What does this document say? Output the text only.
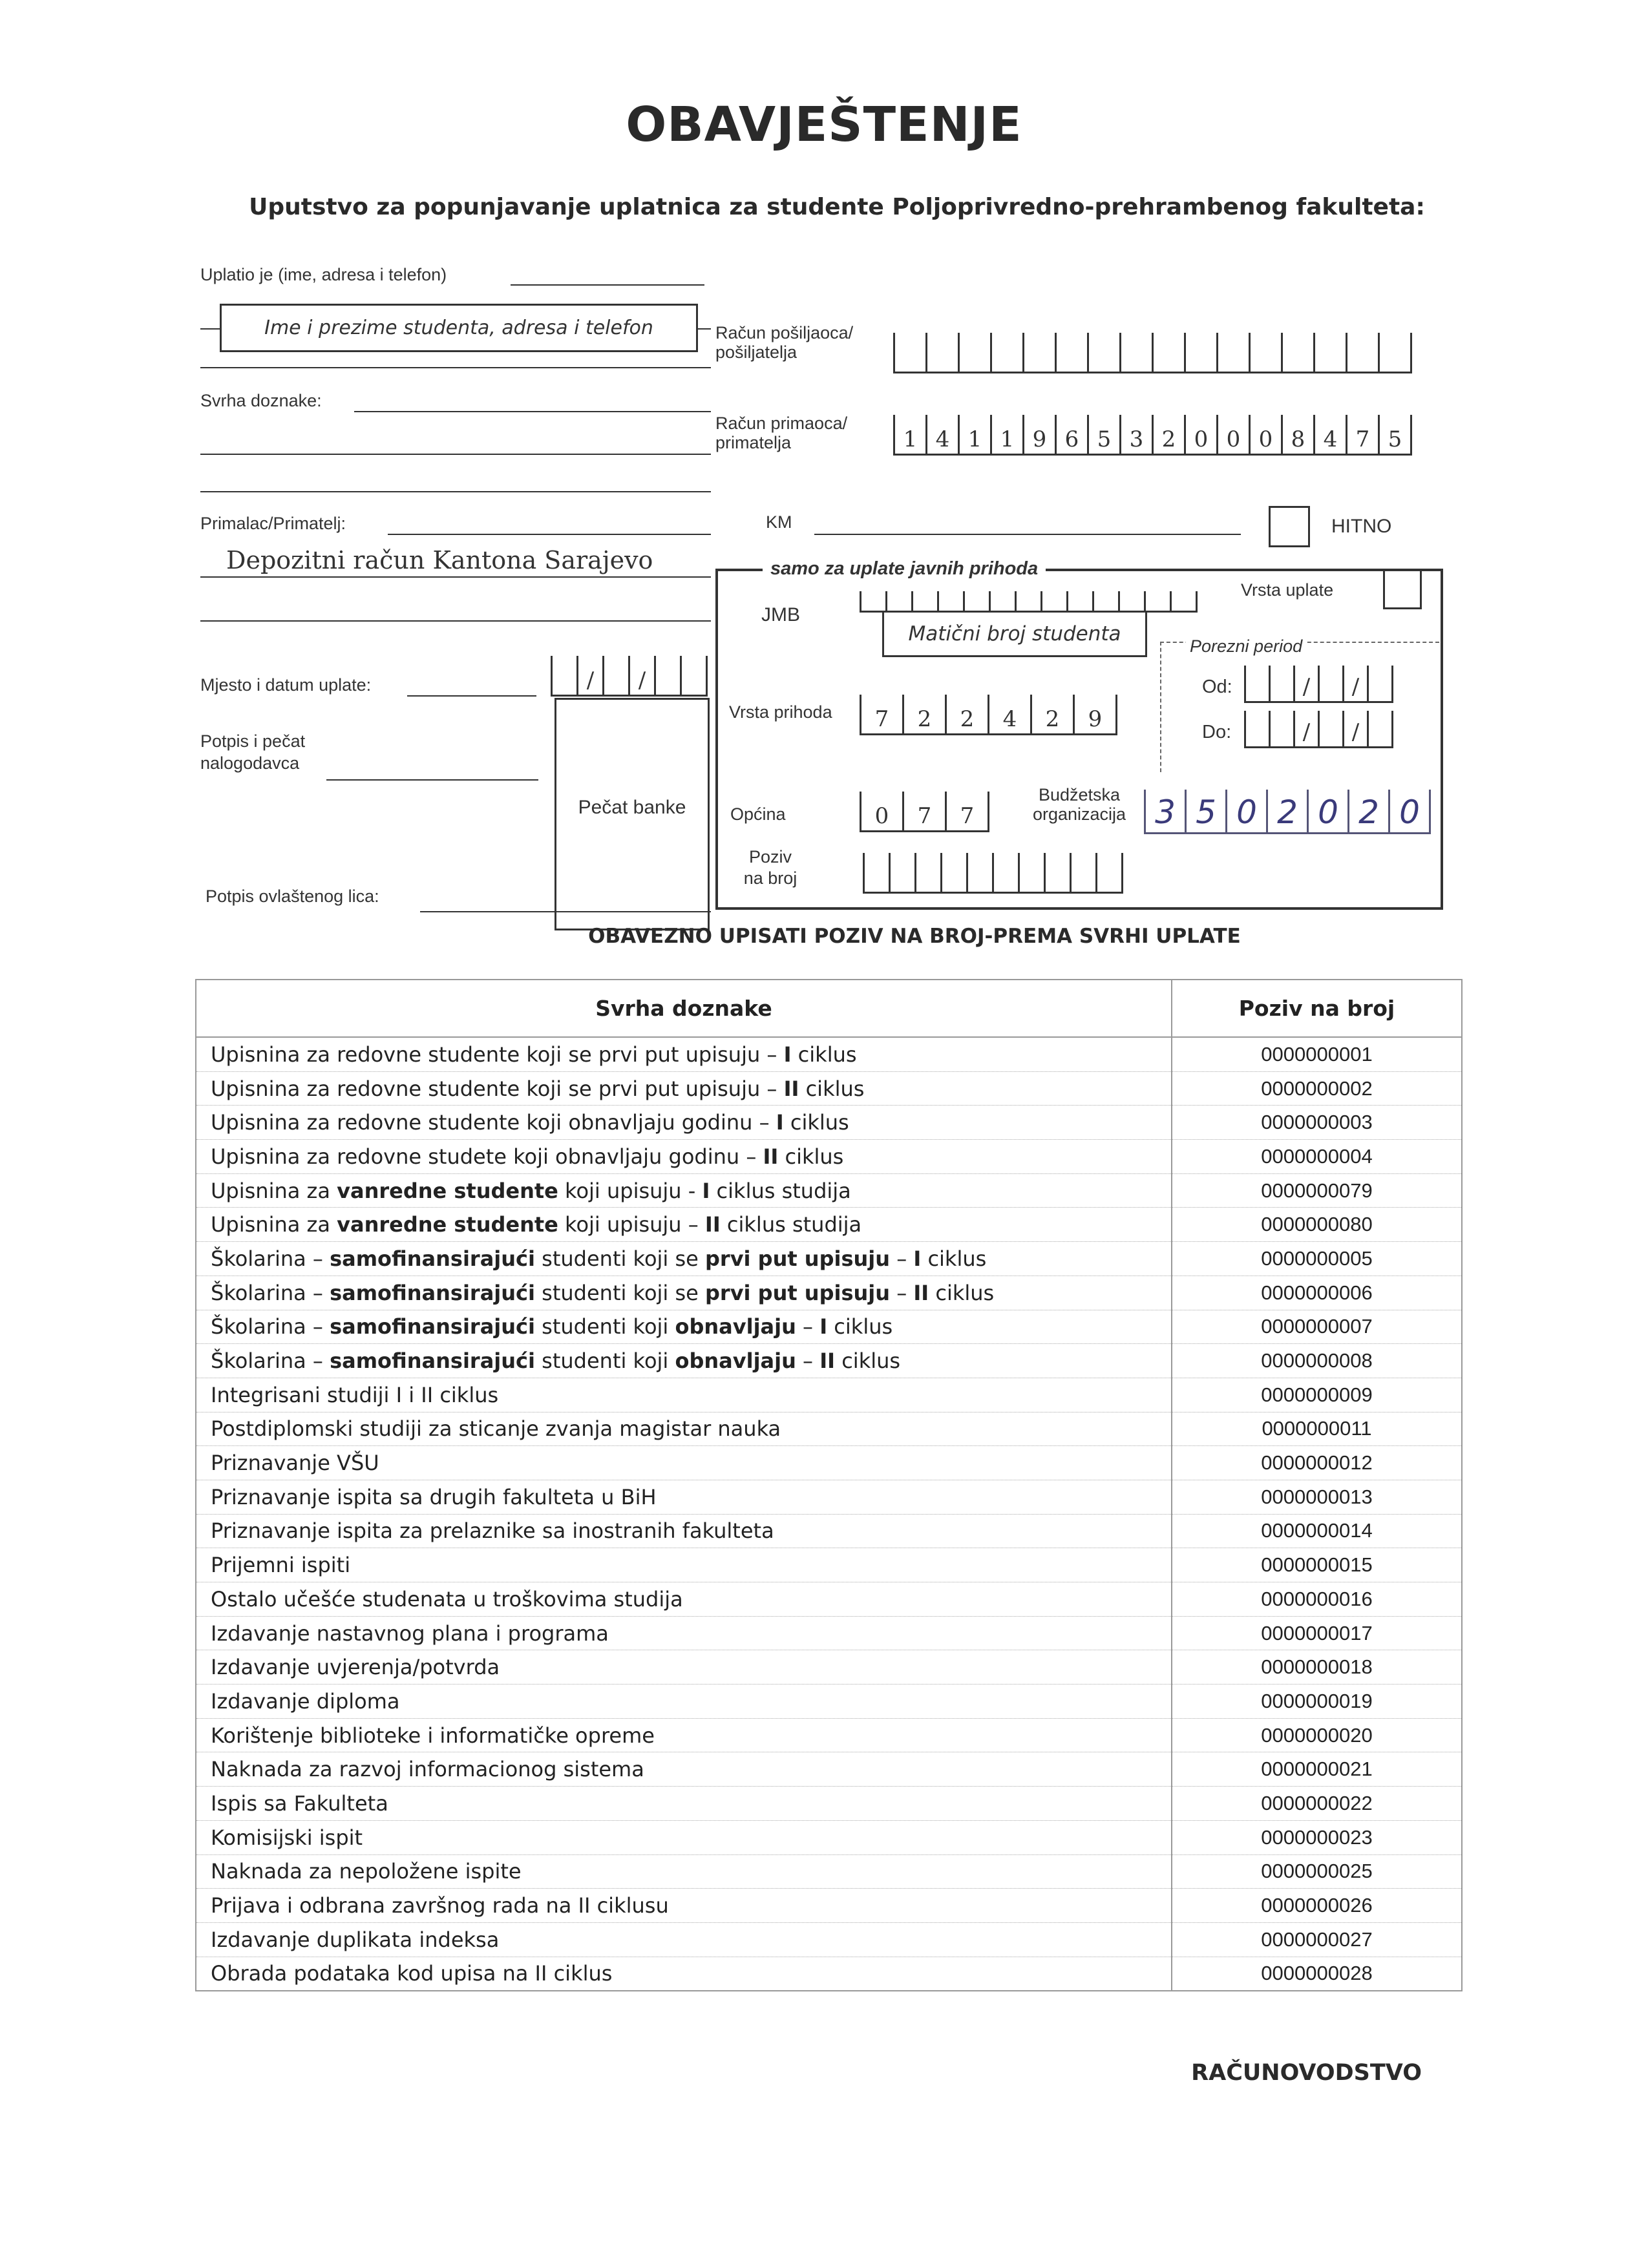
OBAVJEŠTENJE
Uputstvo za popunjavanje uplatnica za studente Poljoprivredno-prehrambenog fakulteta:
Uplatio je (ime, adresa i telefon)
Ime i prezime studenta, adresa i telefon
Svrha doznake:
Primalac/Primatelj:
Depozitni račun Kantona Sarajevo
Mjesto i datum uplate:	/	/
Potpis i pečat nalogodavca
Pečat banke
Potpis ovlaštenog lica:
Račun pošiljaoca/ pošiljatelja
Račun primaoca/ primatelja	1 4 1 1 9 6 5 3 2 0 0 0 8 4 7 5
KM	HITNO
samo za uplate javnih prihoda
JMB
Matični broj studenta
Vrsta uplate
Porezni period
Od:	/	/
Do:	/	/
Vrsta prihoda	7	2	2	4	2	9
Općina	0	7	7
Budžetska organizacija 3 5 0 2 0 2 0
Poziv na broj
OBAVEZNO UPISATI POZIV NA BROJ-PREMA SVRHI UPLATE
Svrha doznake	Poziv na broj
Upisnina za redovne studente koji se prvi put upisuju – I ciklus	0000000001
Upisnina za redovne studente koji se prvi put upisuju – II ciklus	0000000002
Upisnina za redovne studente koji obnavljaju godinu – I ciklus	0000000003
Upisnina za redovne studete koji obnavljaju godinu – II ciklus	0000000004
Upisnina za vanredne studente koji upisuju - I ciklus studija	0000000079
Upisnina za vanredne studente koji upisuju – II ciklus studija	0000000080
Školarina – samofinansirajući studenti koji se prvi put upisuju – I ciklus	0000000005
Školarina – samofinansirajući studenti koji se prvi put upisuju – II ciklus	0000000006
Školarina – samofinansirajući studenti koji obnavljaju – I ciklus	0000000007
Školarina – samofinansirajući studenti koji obnavljaju – II ciklus	0000000008
Integrisani studiji I i II ciklus	0000000009
Postdiplomski studiji za sticanje zvanja magistar nauka	0000000011
Priznavanje VŠU	0000000012
Priznavanje ispita sa drugih fakulteta u BiH	0000000013
Priznavanje ispita za prelaznike sa inostranih fakulteta	0000000014
Prijemni ispiti	0000000015
Ostalo učešće studenata u troškovima studija	0000000016
Izdavanje nastavnog plana i programa	0000000017
Izdavanje uvjerenja/potvrda	0000000018
Izdavanje diploma	0000000019
Korištenje biblioteke i informatičke opreme	0000000020
Naknada za razvoj informacionog sistema	0000000021
Ispis sa Fakulteta	0000000022
Komisijski ispit	0000000023
Naknada za nepoložene ispite	0000000025
Prijava i odbrana završnog rada na II ciklusu	0000000026
Izdavanje duplikata indeksa	0000000027
Obrada podataka kod upisa na II ciklus	0000000028
RAČUNOVODSTVO
